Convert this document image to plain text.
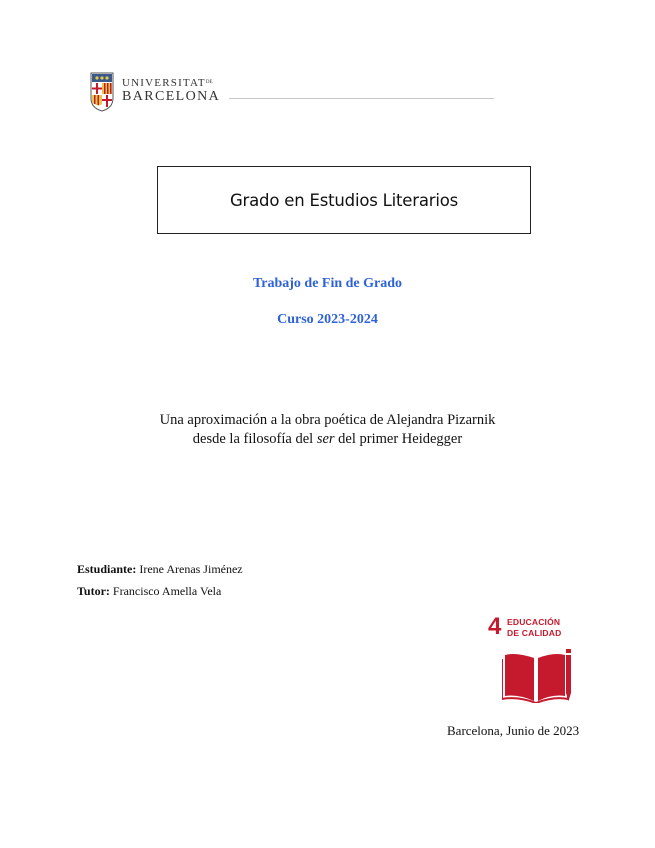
$UNIVERSITAT^{DE}$
BARCELONA
Grado en Estudios Literarios
Trabajo de Fin de Grado
Curso 2023-2024
Una aproximación a la obra poética de Alejandra Pizarnik
desde la filosofía del ser del primer Heidegger
Estudiante: Irene Arenas Jiménez
Tutor: Francisco Amella Vela
4 EDUCACIÓN
DE CALIDAD
Barcelona, Junio de 2023
